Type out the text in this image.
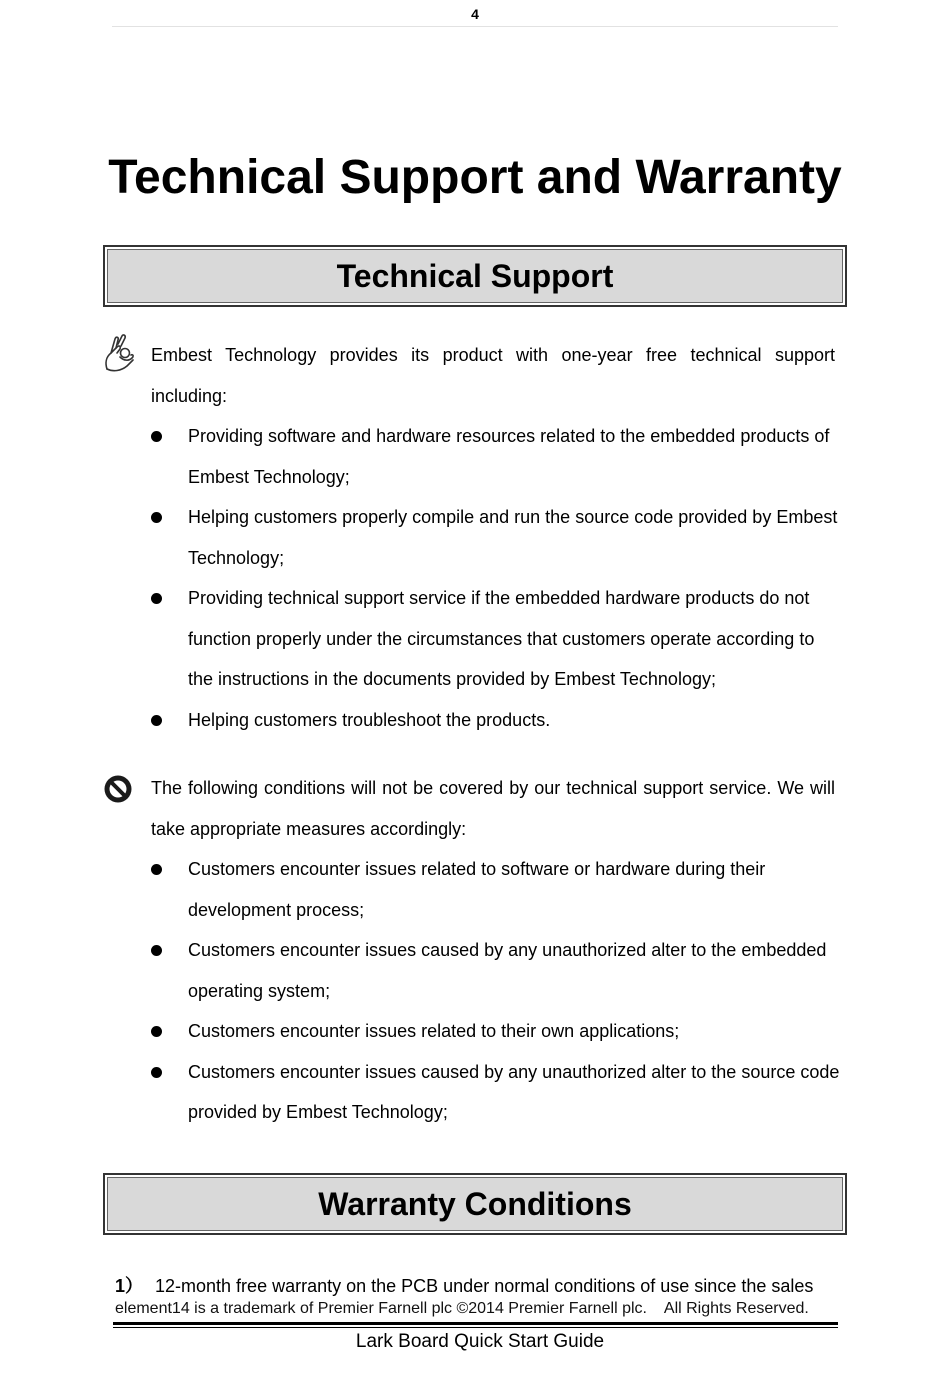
4
Technical Support and Warranty
Technical Support
Embest Technology provides its product with one-year free technical support
including:
Providing software and hardware resources related to the embedded products of Embest Technology;
Helping customers properly compile and run the source code provided by Embest Technology;
Providing technical support service if the embedded hardware products do not function properly under the circumstances that customers operate according to the instructions in the documents provided by Embest Technology;
Helping customers troubleshoot the products.
The following conditions will not be covered by our technical support service. We will take appropriate measures accordingly:
Customers encounter issues related to software or hardware during their development process;
Customers encounter issues caused by any unauthorized alter to the embedded operating system;
Customers encounter issues related to their own applications;
Customers encounter issues caused by any unauthorized alter to the source code provided by Embest Technology;
Warranty Conditions
1） 12-month free warranty on the PCB under normal conditions of use since the sales
element14 is a trademark of Premier Farnell plc ©2014 Premier Farnell plc.    All Rights Reserved.
Lark Board Quick Start Guide
